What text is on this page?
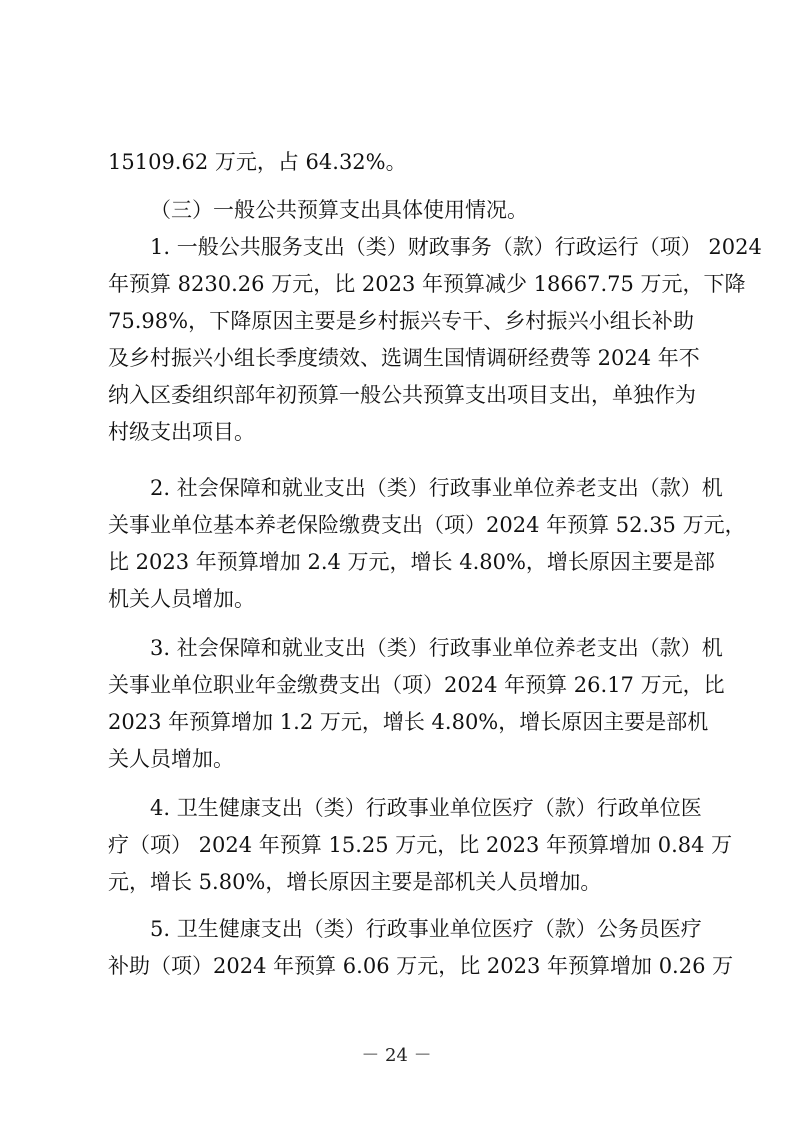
15109.62 万元，占 64.32%。
（三）一般公共预算支出具体使用情况。
1. 一般公共服务支出（类）财政事务（款）行政运行（项） 2024
年预算 8230.26 万元，比 2023 年预算减少 18667.75 万元，下降
75.98%，下降原因主要是乡村振兴专干、乡村振兴小组长补助
及乡村振兴小组长季度绩效、选调生国情调研经费等 2024 年不
纳入区委组织部年初预算一般公共预算支出项目支出，单独作为
村级支出项目。
2. 社会保障和就业支出（类）行政事业单位养老支出（款）机
关事业单位基本养老保险缴费支出（项）2024 年预算 52.35 万元，
比 2023 年预算增加 2.4 万元，增长 4.80%，增长原因主要是部
机关人员增加。
3. 社会保障和就业支出（类）行政事业单位养老支出（款）机
关事业单位职业年金缴费支出（项）2024 年预算 26.17 万元，比
2023 年预算增加 1.2 万元，增长 4.80%，增长原因主要是部机
关人员增加。
4. 卫生健康支出（类）行政事业单位医疗（款）行政单位医
疗（项） 2024 年预算 15.25 万元，比 2023 年预算增加 0.84 万
元，增长 5.80%，增长原因主要是部机关人员增加。
5. 卫生健康支出（类）行政事业单位医疗（款）公务员医疗
补助（项）2024 年预算 6.06 万元，比 2023 年预算增加 0.26 万
－ 24 －
